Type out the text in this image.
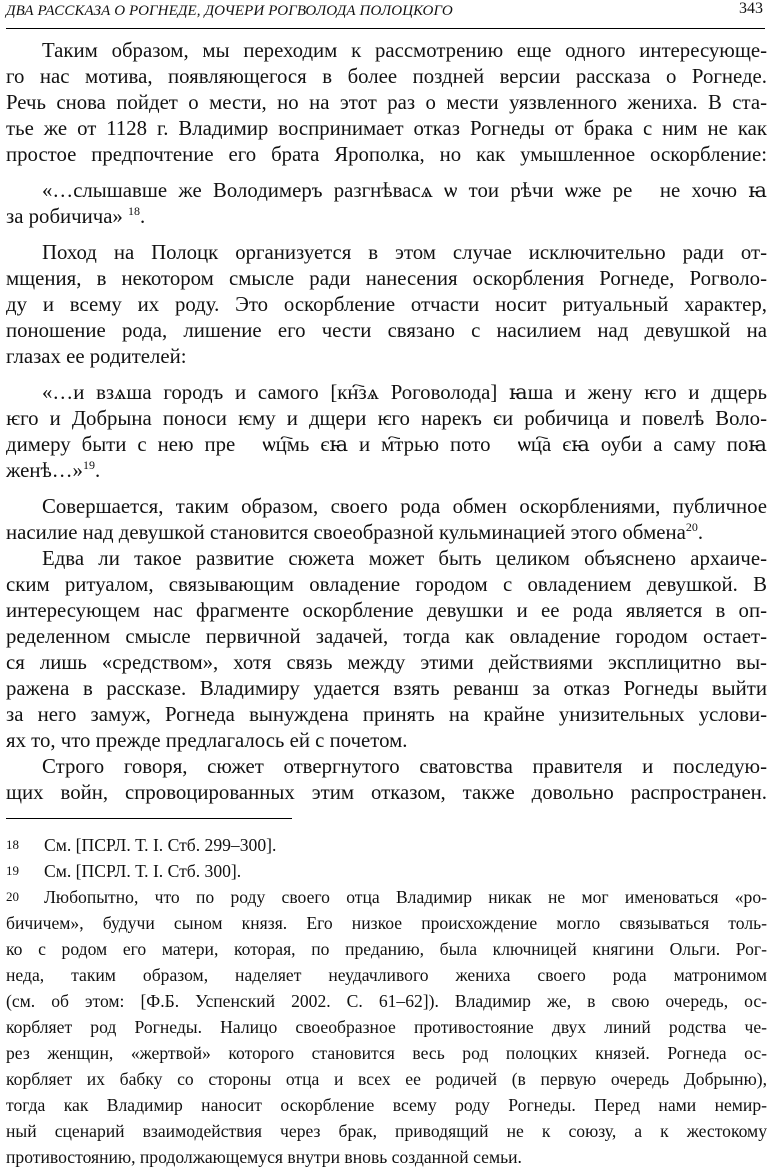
ДВА РАССКАЗА О РОГНЕДЕ, ДОЧЕРИ РОГВОЛОДА ПОЛОЦКОГО	343
Таким образом, мы переходим к рассмотрению еще одного интересующе-
го нас мотива, появляющегося в более поздней версии рассказа о Рогнеде.
Речь снова пойдет о мести, но на этот раз о мести уязвленного жениха. В ста-
тье же от 1128 г. Владимир воспринимает отказ Рогнеды от брака с ним не как
простое предпочтение его брата Ярополка, но как умышленное оскорбление:
«…слышавше же Володимеръ разгнѣвасѧ ѡ тои рѣчи ѡже ре᷑ не хочю ꙗ
за робичича» $^{18}$.
Поход на Полоцк организуется в этом случае исключительно ради от-
мщения, в некотором смысле ради нанесения оскорбления Рогнеде, Рогволо-
ду и всему их роду. Это оскорбление отчасти носит ритуальный характер,
поношение рода, лишение его чести связано с насилием над девушкой на
глазах ее родителей:
«…и взѧша городъ и самого [кн҇зѧ Роговолода] ꙗша и жену ѥго и дщерь
ѥго и Добрына поноси ѥму и дщери ѥго нарекъ єи робичица и повелѣ Воло-
димеру быти с нею преᷠ ѡц҇мь єꙗ и м҇трью потоᷨ ѡц҇а єꙗ оуби а саму поꙗ
женѣ…»$^{19}$.
Совершается, таким образом, своего рода обмен оскорблениями, публичное
насилие над девушкой становится своеобразной кульминацией этого обмена$^{20}$.
Едва ли такое развитие сюжета может быть целиком объяснено архаиче-
ским ритуалом, связывающим овладение городом с овладением девушкой. В
интересующем нас фрагменте оскорбление девушки и ее рода является в оп-
ределенном смысле первичной задачей, тогда как овладение городом остает-
ся лишь «средством», хотя связь между этими действиями эксплицитно вы-
ражена в рассказе. Владимиру удается взять реванш за отказ Рогнеды выйти
за него замуж, Рогнеда вынуждена принять на крайне унизительных услови-
ях то, что прежде предлагалось ей с почетом.
Строго говоря, сюжет отвергнутого сватовства правителя и последую-
щих войн, спровоцированных этим отказом, также довольно распространен.
18 См. [ПСРЛ. Т. I. Стб. 299–300].
19 См. [ПСРЛ. Т. I. Стб. 300].
20 Любопытно, что по роду своего отца Владимир никак не мог именоваться «ро-
бичичем», будучи сыном князя. Его низкое происхождение могло связываться толь-
ко с родом его матери, которая, по преданию, была ключницей княгини Ольги. Рог-
неда, таким образом, наделяет неудачливого жениха своего рода матронимом
(см. об этом: [Ф.Б. Успенский 2002. С. 61–62]). Владимир же, в свою очередь, ос-
корбляет род Рогнеды. Налицо своеобразное противостояние двух линий родства че-
рез женщин, «жертвой» которого становится весь род полоцких князей. Рогнеда ос-
корбляет их бабку со стороны отца и всех ее родичей (в первую очередь Добрыню),
тогда как Владимир наносит оскорбление всему роду Рогнеды. Перед нами немир-
ный сценарий взаимодействия через брак, приводящий не к союзу, а к жестокому
противостоянию, продолжающемуся внутри вновь созданной семьи.
